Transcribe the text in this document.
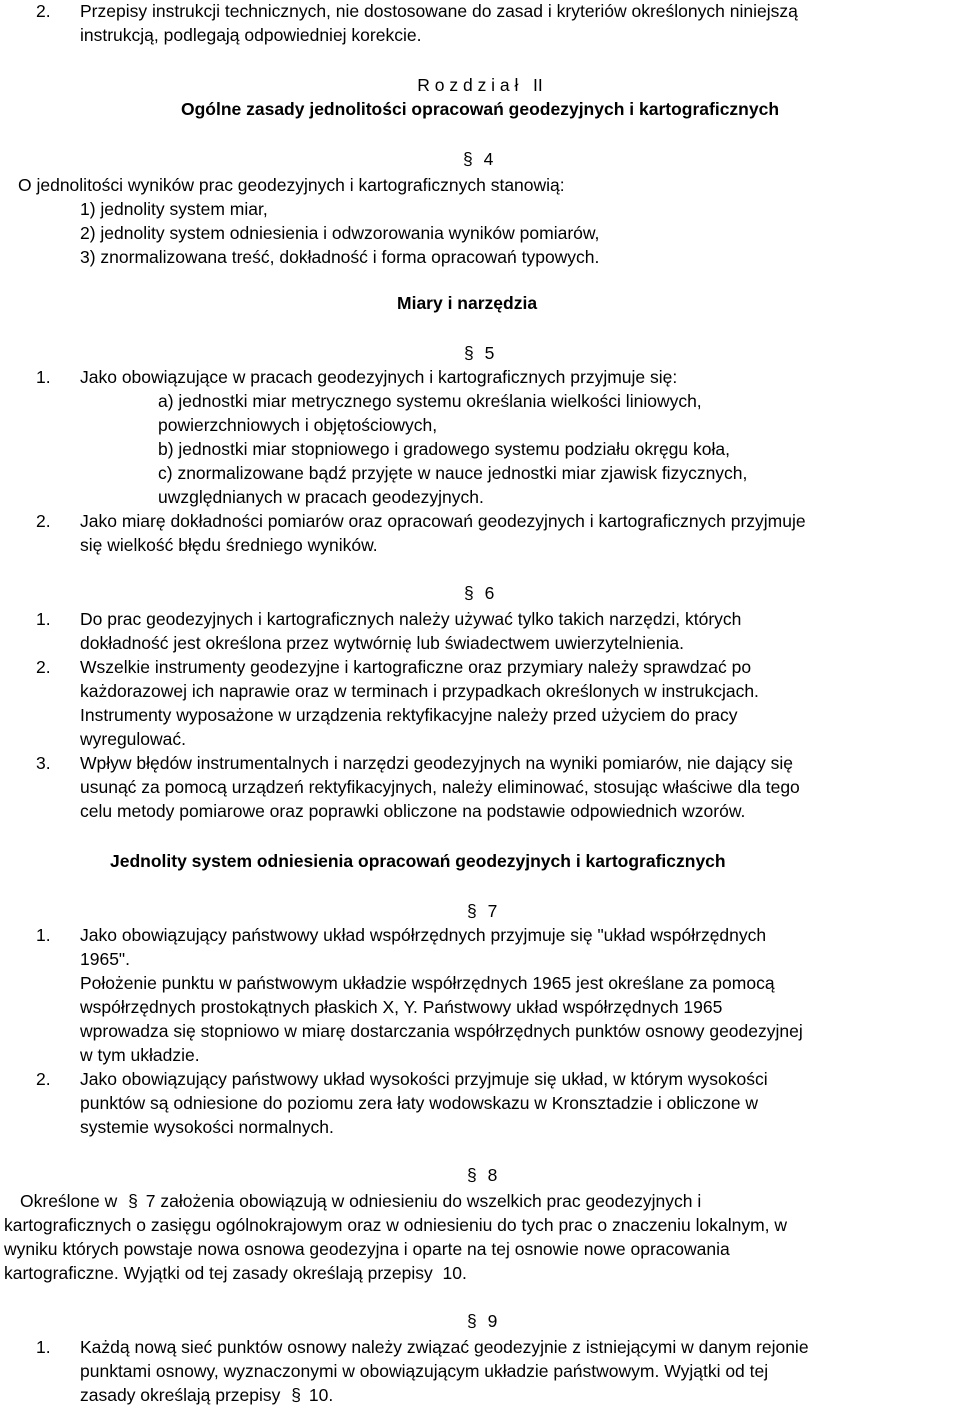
2. Przepisy instrukcji technicznych, nie dostosowane do zasad i kryteriów określonych niniejszą
instrukcją, podlegają odpowiedniej korekcie.
R o z d z i a ł   II
Ogólne zasady jednolitości opracowań geodezyjnych i kartograficznych
§ 4
O jednolitości wyników prac geodezyjnych i kartograficznych stanowią:
1) jednolity system miar,
2) jednolity system odniesienia i odwzorowania wyników pomiarów,
3) znormalizowana treść, dokładność i forma opracowań typowych.
Miary i narzędzia
§ 5
1. Jako obowiązujące w pracach geodezyjnych i kartograficznych przyjmuje się:
a) jednostki miar metrycznego systemu określania wielkości liniowych,
powierzchniowych i objętościowych,
b) jednostki miar stopniowego i gradowego systemu podziału okręgu koła,
c) znormalizowane bądź przyjęte w nauce jednostki miar zjawisk fizycznych,
uwzględnianych w pracach geodezyjnych.
2. Jako miarę dokładności pomiarów oraz opracowań geodezyjnych i kartograficznych przyjmuje
się wielkość błędu średniego wyników.
§ 6
1. Do prac geodezyjnych i kartograficznych należy używać tylko takich narzędzi, których
dokładność jest określona przez wytwórnię lub świadectwem uwierzytelnienia.
2. Wszelkie instrumenty geodezyjne i kartograficzne oraz przymiary należy sprawdzać po
każdorazowej ich naprawie oraz w terminach i przypadkach określonych w instrukcjach.
Instrumenty wyposażone w urządzenia rektyfikacyjne należy przed użyciem do pracy
wyregulować.
3. Wpływ błędów instrumentalnych i narzędzi geodezyjnych na wyniki pomiarów, nie dający się
usunąć za pomocą urządzeń rektyfikacyjnych, należy eliminować, stosując właściwe dla tego
celu metody pomiarowe oraz poprawki obliczone na podstawie odpowiednich wzorów.
Jednolity system odniesienia opracowań geodezyjnych i kartograficznych
§ 7
1. Jako obowiązujący państwowy układ współrzędnych przyjmuje się "układ współrzędnych
1965".
Położenie punktu w państwowym układzie współrzędnych 1965 jest określane za pomocą
współrzędnych prostokątnych płaskich X, Y. Państwowy układ współrzędnych 1965
wprowadza się stopniowo w miarę dostarczania współrzędnych punktów osnowy geodezyjnej
w tym układzie.
2. Jako obowiązujący państwowy układ wysokości przyjmuje się układ, w którym wysokości
punktów są odniesione do poziomu zera łaty wodowskazu w Kronsztadzie i obliczone w
systemie wysokości normalnych.
§ 8
Określone w § 7 założenia obowiązują w odniesieniu do wszelkich prac geodezyjnych i
kartograficznych o zasięgu ogólnokrajowym oraz w odniesieniu do tych prac o znaczeniu lokalnym, w
wyniku których powstaje nowa osnowa geodezyjna i oparte na tej osnowie nowe opracowania
kartograficzne. Wyjątki od tej zasady określają przepisy  10.
§ 9
1. Każdą nową sieć punktów osnowy należy związać geodezyjnie z istniejącymi w danym rejonie
punktami osnowy, wyznaczonymi w obowiązującym układzie państwowym. Wyjątki od tej
zasady określają przepisy § 10.
